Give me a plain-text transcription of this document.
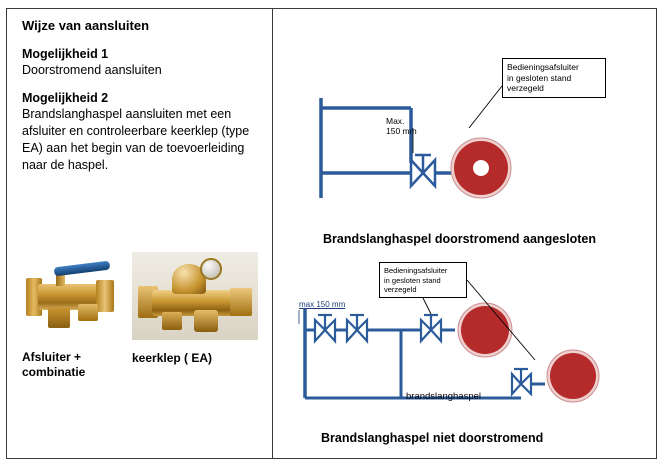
Wijze van aansluiten
Mogelijkheid 1
Doorstromend aansluiten
Mogelijkheid 2
Brandslanghaspel aansluiten met een afsluiter en controleerbare keerklep (type EA) aan het begin van de toevoerleiding naar de haspel.
Afsluiter +
combinatie
keerklep ( EA)
Bedieningsafsluiter
in gesloten stand
verzegeld
Max.
150 mm
Brandslanghaspel doorstromend aangesloten
Bedieningsafsluiter
in gesloten stand
verzegeld
max 150 mm
brandslanghaspel
Brandslanghaspel niet doorstromend
